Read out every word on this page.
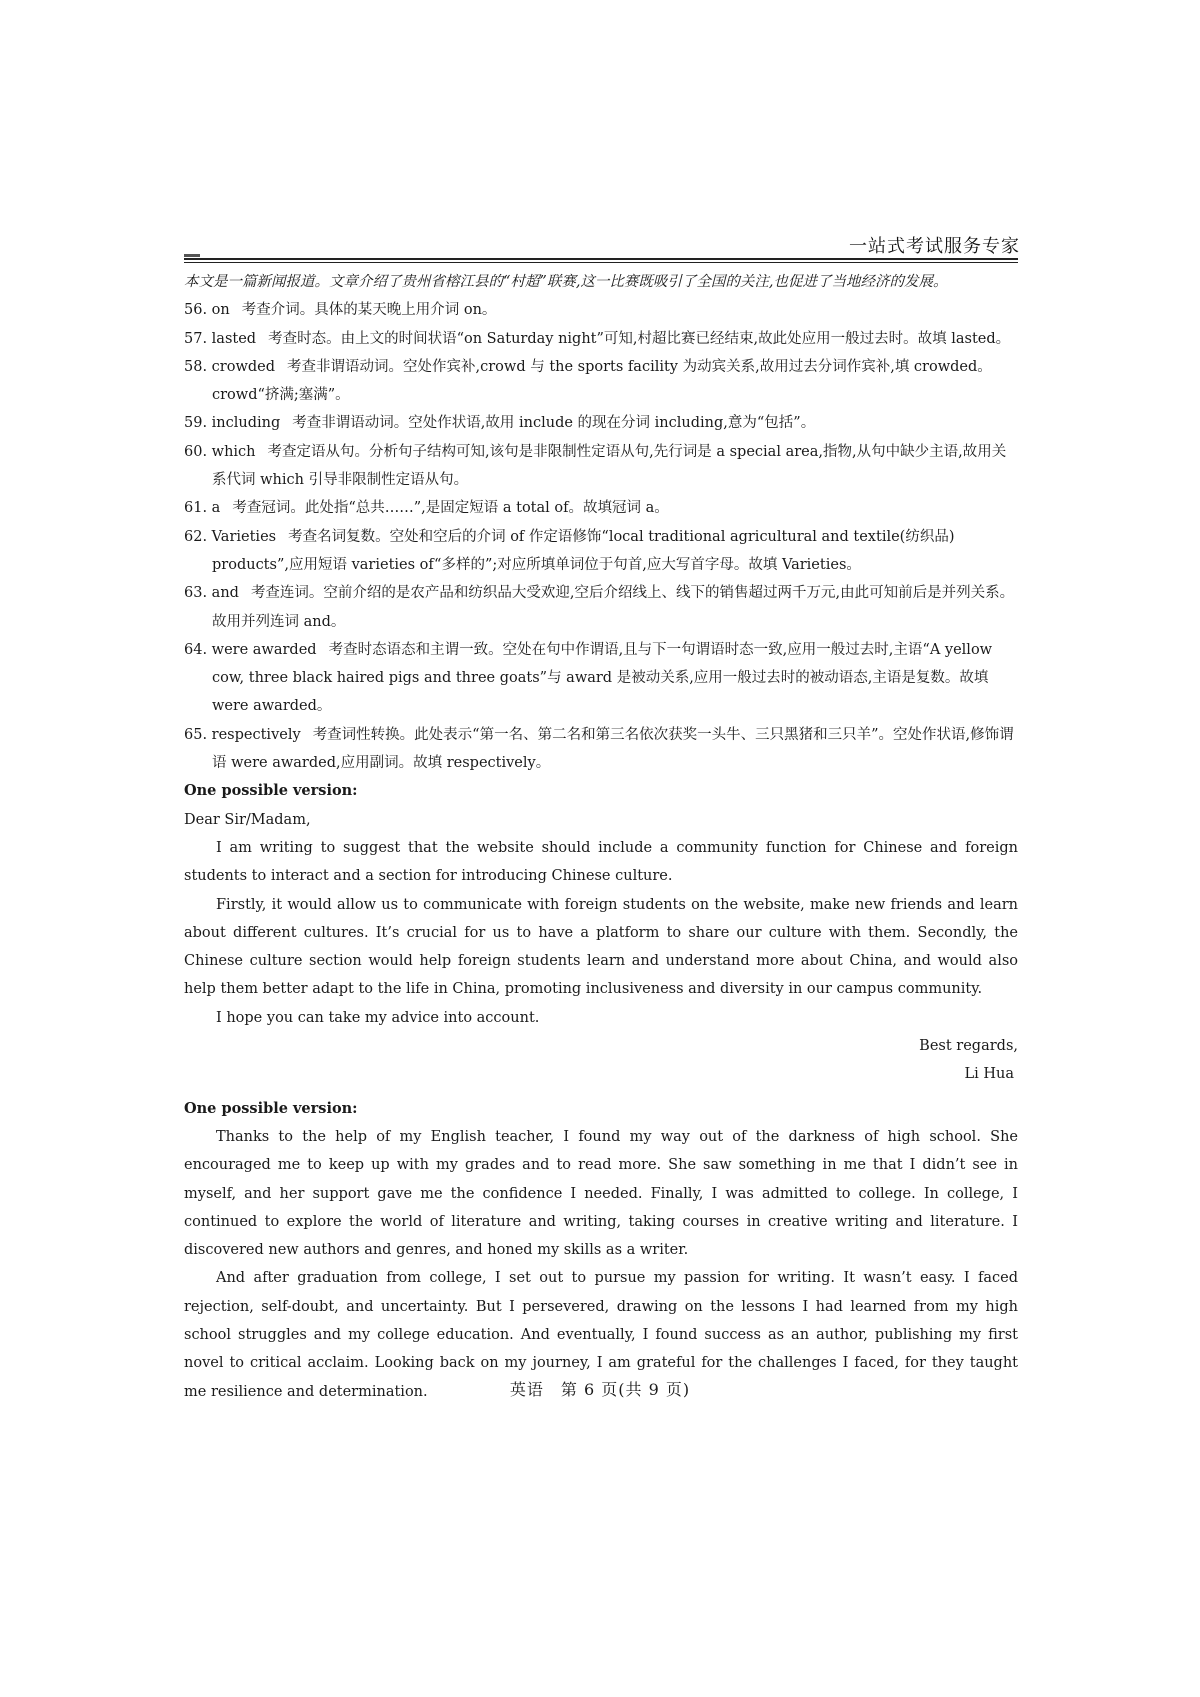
一站式考试服务专家

本文是一篇新闻报道。文章介绍了贵州省榕江县的“村超”联赛,这一比赛既吸引了全国的关注,也促进了当地经济的发展。

56. on 考查介词。具体的某天晚上用介词 on。
57. lasted 考查时态。由上文的时间状语“on Saturday night”可知,村超比赛已经结束,故此处应用一般过去时。故填 lasted。
58. crowded 考查非谓语动词。空处作宾补,crowd 与 the sports facility 为动宾关系,故用过去分词作宾补,填 crowded。crowd“挤满;塞满”。
59. including 考查非谓语动词。空处作状语,故用 include 的现在分词 including,意为“包括”。
60. which 考查定语从句。分析句子结构可知,该句是非限制性定语从句,先行词是 a special area,指物,从句中缺少主语,故用关系代词 which 引导非限制性定语从句。
61. a 考查冠词。此处指“总共……”,是固定短语 a total of。故填冠词 a。
62. Varieties 考查名词复数。空处和空后的介词 of 作定语修饰“local traditional agricultural and textile(纺织品) products”,应用短语 varieties of“多样的”;对应所填单词位于句首,应大写首字母。故填 Varieties。
63. and 考查连词。空前介绍的是农产品和纺织品大受欢迎,空后介绍线上、线下的销售超过两千万元,由此可知前后是并列关系。故用并列连词 and。
64. were awarded 考查时态语态和主谓一致。空处在句中作谓语,且与下一句谓语时态一致,应用一般过去时,主语“A yellow cow, three black haired pigs and three goats”与 award 是被动关系,应用一般过去时的被动语态,主语是复数。故填 were awarded。
65. respectively 考查词性转换。此处表示“第一名、第二名和第三名依次获奖一头牛、三只黑猪和三只羊”。空处作状语,修饰谓语 were awarded,应用副词。故填 respectively。

One possible version:

Dear Sir/Madam,

I am writing to suggest that the website should include a community function for Chinese and foreign students to interact and a section for introducing Chinese culture.

Firstly, it would allow us to communicate with foreign students on the website, make new friends and learn about different cultures. It’s crucial for us to have a platform to share our culture with them. Secondly, the Chinese culture section would help foreign students learn and understand more about China, and would also help them better adapt to the life in China, promoting inclusiveness and diversity in our campus community.

I hope you can take my advice into account.

Best regards,

Li Hua

One possible version:

Thanks to the help of my English teacher, I found my way out of the darkness of high school. She encouraged me to keep up with my grades and to read more. She saw something in me that I didn’t see in myself, and her support gave me the confidence I needed. Finally, I was admitted to college. In college, I continued to explore the world of literature and writing, taking courses in creative writing and literature. I discovered new authors and genres, and honed my skills as a writer.

And after graduation from college, I set out to pursue my passion for writing. It wasn’t easy. I faced rejection, self-doubt, and uncertainty. But I persevered, drawing on the lessons I had learned from my high school struggles and my college education. And eventually, I found success as an author, publishing my first novel to critical acclaim. Looking back on my journey, I am grateful for the challenges I faced, for they taught me resilience and determination.	英语　第 6 页(共 9 页)
